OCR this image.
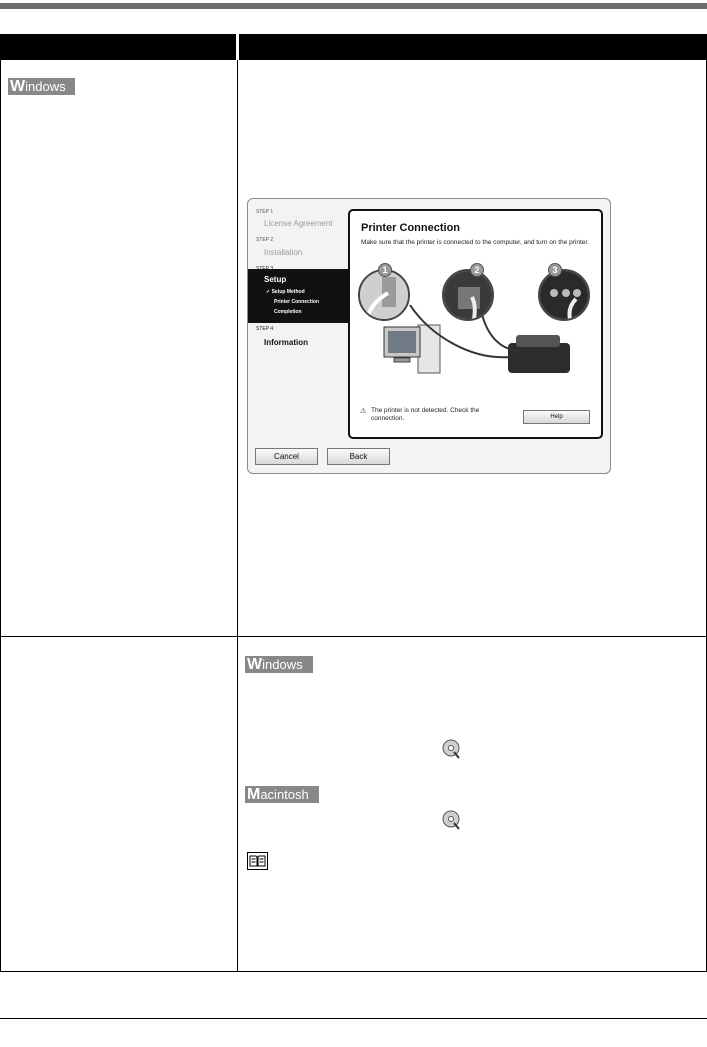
Windows
STEP 1
License Agreement
STEP 2
Installation
Setup
✓ Setup Method
Printer Connection
Completion
STEP 4
Information
Printer Connection
Make sure that the printer is connected to the computer, and turn on the printer.
1	2	3
⚠ The printer is not detected. Check the connection.	Help
Cancel	Back
Windows
Macintosh
